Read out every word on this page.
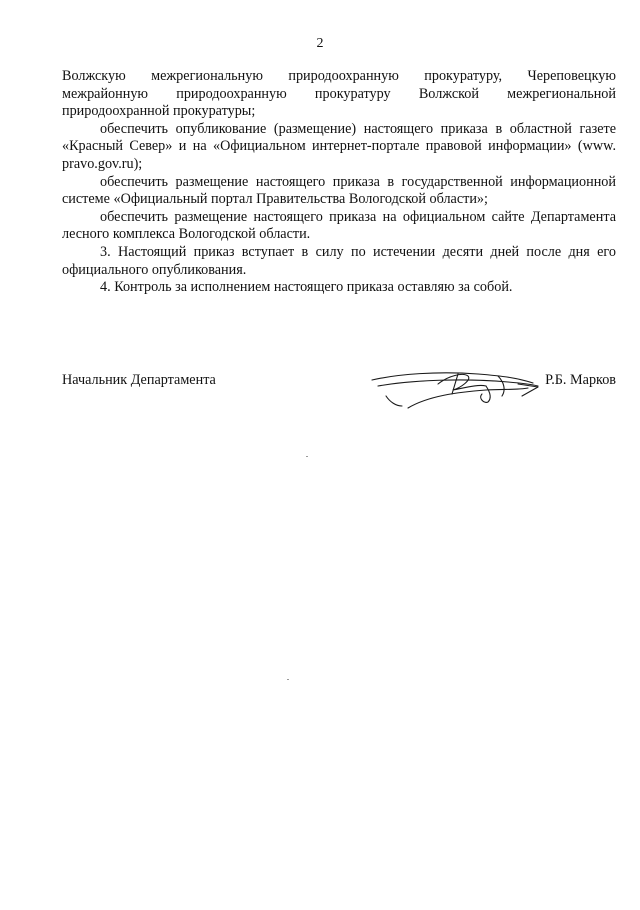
2

Волжскую межрегиональную природоохранную прокуратуру, Череповецкую межрайонную природоохранную прокуратуру Волжской межрегиональной природоохранной прокуратуры;

обеспечить опубликование (размещение) настоящего приказа в областной газете «Красный Север» и на «Официальном интернет-портале правовой информации» (www. pravo.gov.ru);

обеспечить размещение настоящего приказа в государственной информационной системе «Официальный портал Правительства Вологодской области»;

обеспечить размещение настоящего приказа на официальном сайте Департамента лесного комплекса Вологодской области.

3. Настоящий приказ вступает в силу по истечении десяти дней после дня его официального опубликования.

4. Контроль за исполнением настоящего приказа оставляю за собой.

Начальник Департамента	Р.Б. Марков
